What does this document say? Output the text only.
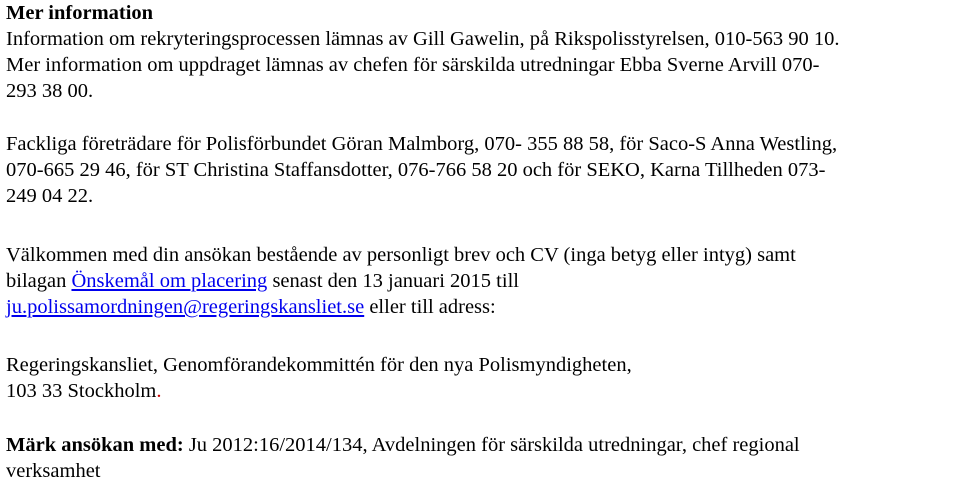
Mer information

Information om rekryteringsprocessen lämnas av Gill Gawelin, på Rikspolisstyrelsen, 010-563 90 10.
Mer information om uppdraget lämnas av chefen för särskilda utredningar Ebba Sverne Arvill 070-
293 38 00.

Fackliga företrädare för Polisförbundet Göran Malmborg, 070- 355 88 58, för Saco-S Anna Westling,
070-665 29 46, för ST Christina Staffansdotter, 076-766 58 20 och för SEKO, Karna Tillheden 073-
249 04 22.
Välkommen med din ansökan bestående av personligt brev och CV (inga betyg eller intyg) samt
bilagan Önskemål om placering senast den 13 januari 2015 till
ju.polissamordningen@regeringskansliet.se eller till adress:
Regeringskansliet, Genomförandekommittén för den nya Polismyndigheten,
103 33 Stockholm.
Märk ansökan med: Ju 2012:16/2014/134, Avdelningen för särskilda utredningar, chef regional
verksamhet
